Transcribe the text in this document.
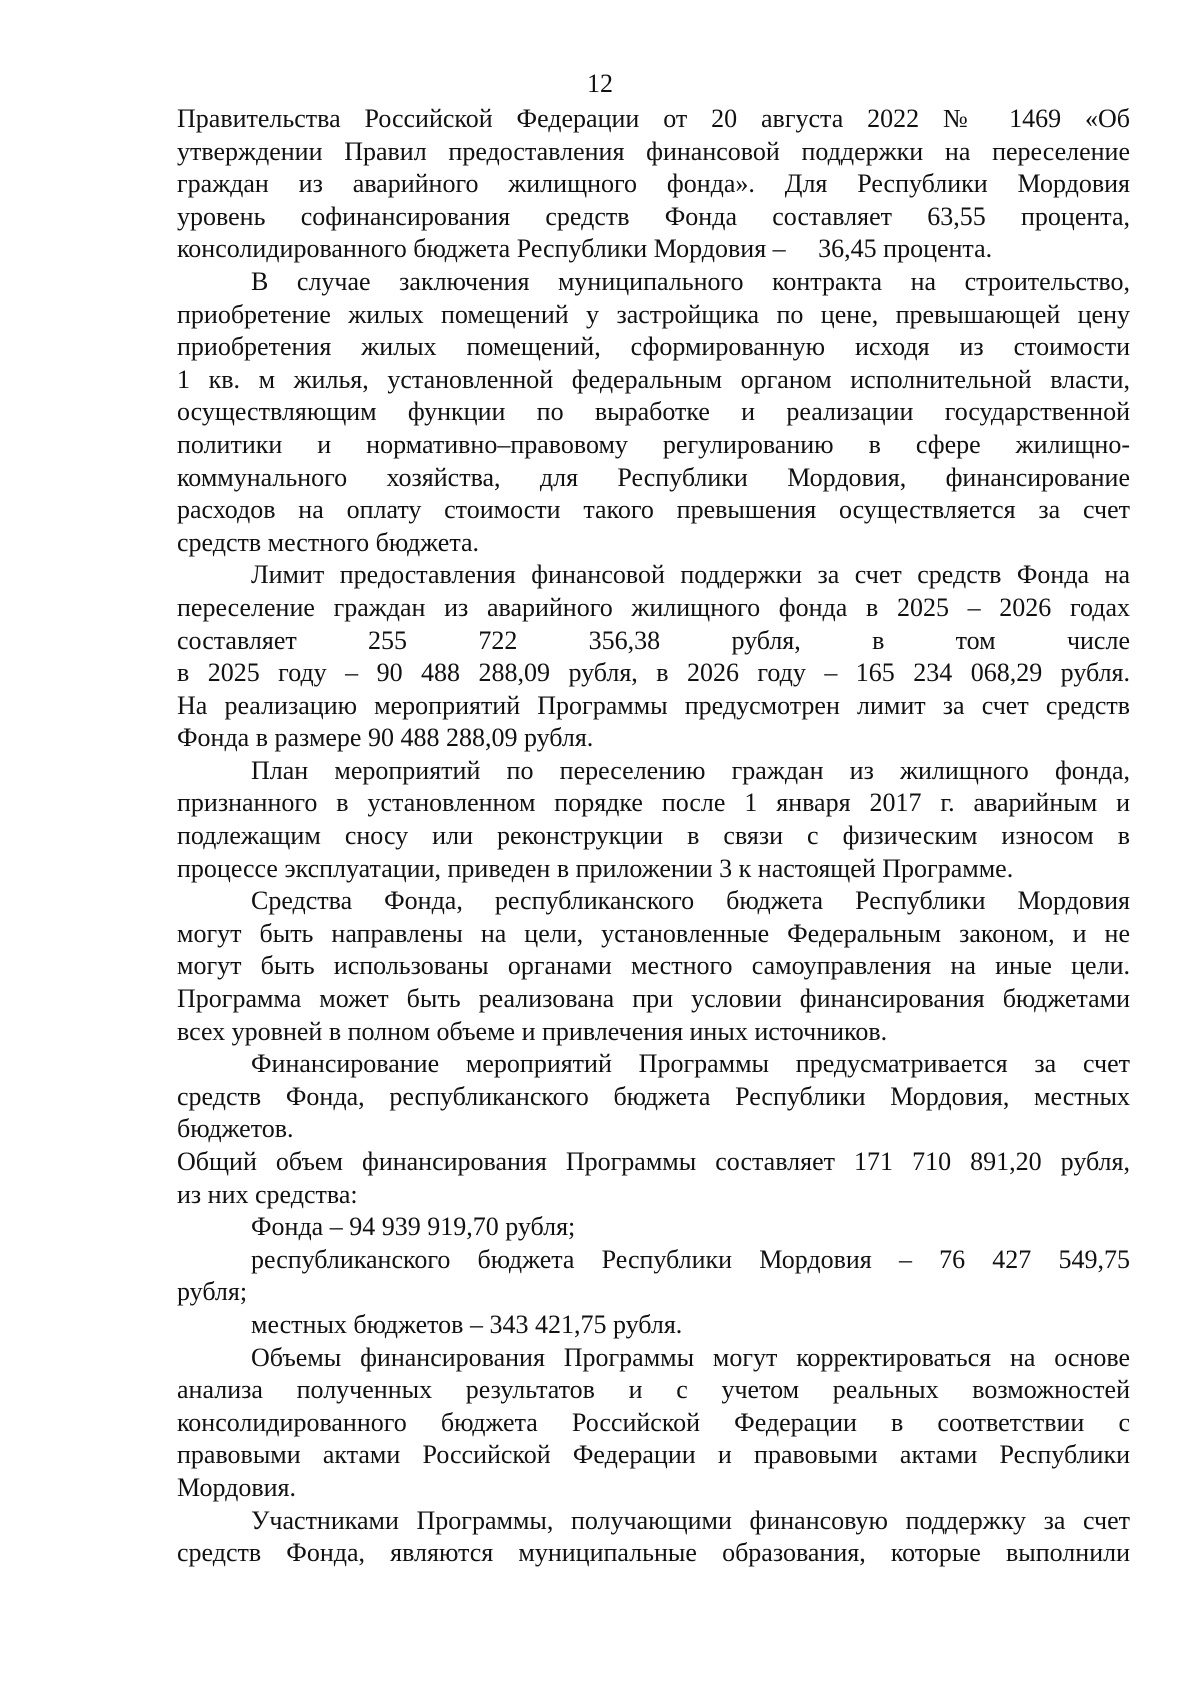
12

Правительства Российской Федерации от 20 августа 2022 № 1469 «Об
утверждении Правил предоставления финансовой поддержки на переселение
граждан из аварийного жилищного фонда». Для Республики Мордовия
уровень софинансирования средств Фонда составляет 63,55 процента,
консолидированного бюджета Республики Мордовия –     36,45 процента.

В случае заключения муниципального контракта на строительство,
приобретение жилых помещений у застройщика по цене, превышающей цену
приобретения жилых помещений, сформированную исходя из стоимости
1 кв. м жилья, установленной федеральным органом исполнительной власти,
осуществляющим функции по выработке и реализации государственной
политики и нормативно–правовому регулированию в сфере жилищно-
коммунального хозяйства, для Республики Мордовия, финансирование
расходов на оплату стоимости такого превышения осуществляется за счет
средств местного бюджета.

Лимит предоставления финансовой поддержки за счет средств Фонда на
переселение граждан из аварийного жилищного фонда в 2025 – 2026 годах
составляет 255 722 356,38 рубля, в том числе
в 2025 году – 90 488 288,09 рубля, в 2026 году – 165 234 068,29 рубля.
На реализацию мероприятий Программы предусмотрен лимит за счет средств
Фонда в размере 90 488 288,09 рубля.

План мероприятий по переселению граждан из жилищного фонда,
признанного в установленном порядке после 1 января 2017 г. аварийным и
подлежащим сносу или реконструкции в связи с физическим износом в
процессе эксплуатации, приведен в приложении 3 к настоящей Программе.

Средства Фонда, республиканского бюджета Республики Мордовия
могут быть направлены на цели, установленные Федеральным законом, и не
могут быть использованы органами местного самоуправления на иные цели.
Программа может быть реализована при условии финансирования бюджетами
всех уровней в полном объеме и привлечения иных источников.

Финансирование мероприятий Программы предусматривается за счет
средств Фонда, республиканского бюджета Республики Мордовия, местных
бюджетов.

Общий объем финансирования Программы составляет 171 710 891,20 рубля,
из них средства:

Фонда – 94 939 919,70 рубля;

республиканского бюджета Республики Мордовия – 76 427 549,75
рубля;

местных бюджетов – 343 421,75 рубля.

Объемы финансирования Программы могут корректироваться на основе
анализа полученных результатов и с учетом реальных возможностей
консолидированного бюджета Российской Федерации в соответствии с
правовыми актами Российской Федерации и правовыми актами Республики
Мордовия.

Участниками Программы, получающими финансовую поддержку за счет
средств Фонда, являются муниципальные образования, которые выполнили
